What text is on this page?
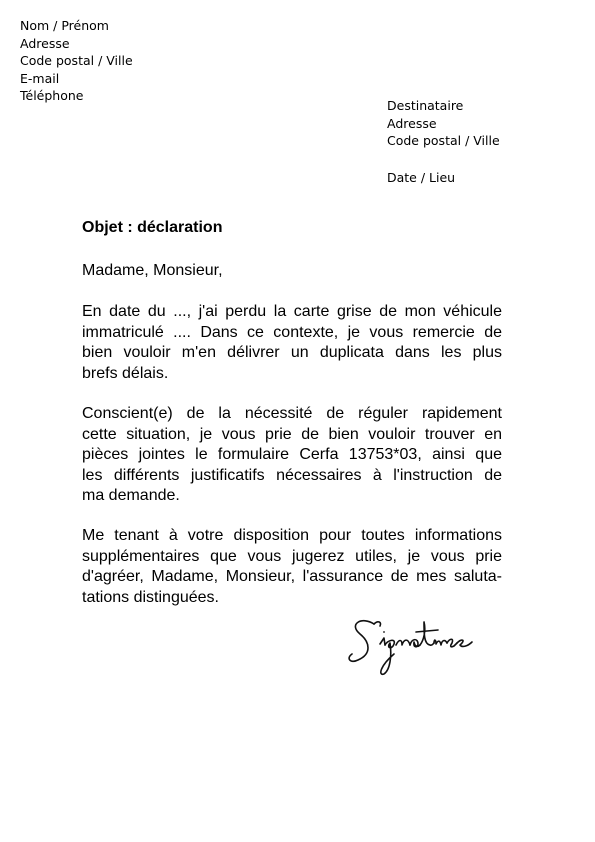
Nom / Prénom
Adresse
Code postal / Ville
E-mail
Téléphone
Destinataire
Adresse
Code postal / Ville
Date / Lieu
Objet : déclaration
Madame, Monsieur,
En date du ..., j'ai perdu la carte grise de mon véhicule
immatriculé .... Dans ce contexte, je vous remercie de
bien vouloir m'en délivrer un duplicata dans les plus
brefs délais.
Conscient(e) de la nécessité de réguler rapidement
cette situation, je vous prie de bien vouloir trouver en
pièces jointes le formulaire Cerfa 13753*03, ainsi que
les différents justificatifs nécessaires à l'instruction de
ma demande.
Me tenant à votre disposition pour toutes informations
supplémentaires que vous jugerez utiles, je vous prie
d'agréer, Madame, Monsieur, l'assurance de mes saluta-
tations distinguées.
